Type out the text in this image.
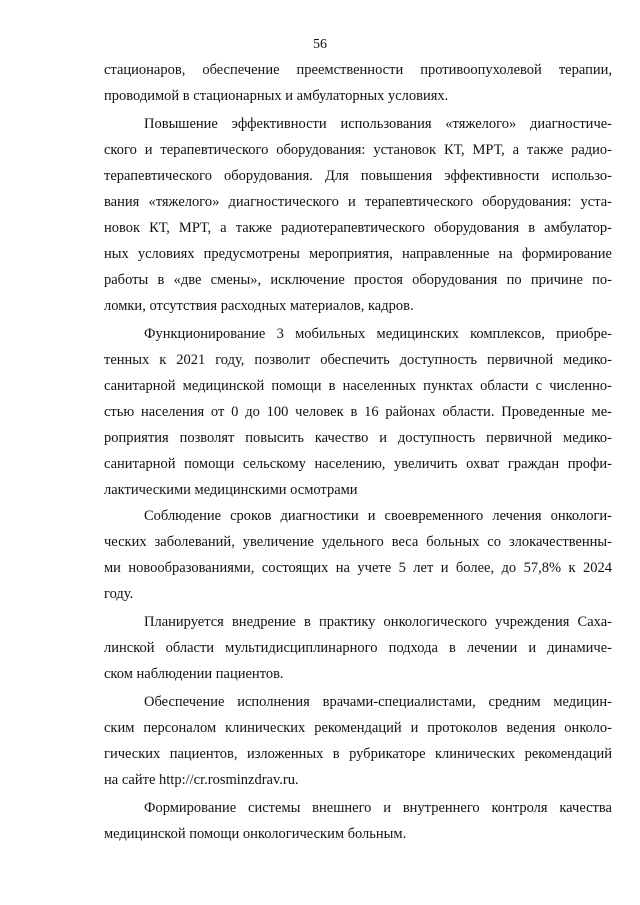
56
стационаров, обеспечение преемственности противоопухолевой терапии,
проводимой в стационарных и амбулаторных условиях.
Повышение эффективности использования «тяжелого» диагностиче-
ского и терапевтического оборудования: установок КТ, МРТ, а также радио-
терапевтического оборудования. Для повышения эффективности использо-
вания «тяжелого» диагностического и терапевтического оборудования: уста-
новок КТ, МРТ, а также радиотерапевтического оборудования в амбулатор-
ных условиях предусмотрены мероприятия, направленные на формирование
работы в «две смены», исключение простоя оборудования по причине по-
ломки, отсутствия расходных материалов, кадров.
Функционирование 3 мобильных медицинских комплексов, приобре-
тенных к 2021 году, позволит обеспечить доступность первичной медико-
санитарной медицинской помощи в населенных пунктах области с численно-
стью населения от 0 до 100 человек в 16 районах области. Проведенные ме-
роприятия позволят повысить качество и доступность первичной медико-
санитарной помощи сельскому населению, увеличить охват граждан профи-
лактическими медицинскими осмотрами
Соблюдение сроков диагностики и своевременного лечения онкологи-
ческих заболеваний, увеличение удельного веса больных со злокачественны-
ми новообразованиями, состоящих на учете 5 лет и более, до 57,8% к 2024
году.
Планируется внедрение в практику онкологического учреждения Саха-
линской области мультидисциплинарного подхода в лечении и динамиче-
ском наблюдении пациентов.
Обеспечение исполнения врачами-специалистами, средним медицин-
ским персоналом клинических рекомендаций и протоколов ведения онколо-
гических пациентов, изложенных в рубрикаторе клинических рекомендаций
на сайте http://cr.rosminzdrav.ru.
Формирование системы внешнего и внутреннего контроля качества
медицинской помощи онкологическим больным.
